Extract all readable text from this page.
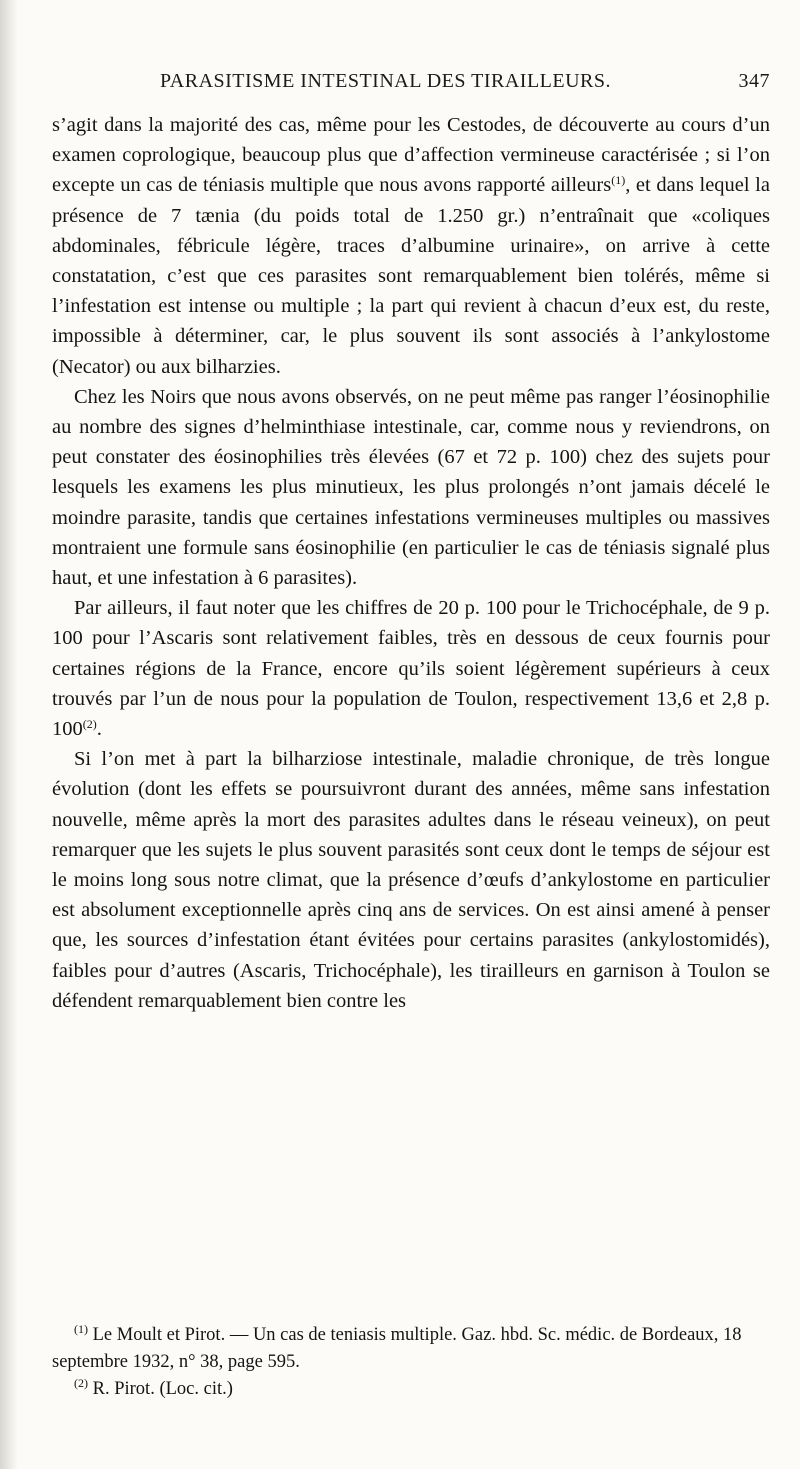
PARASITISME INTESTINAL DES TIRAILLEURS.	347

s’agit dans la majorité des cas, même pour les Cestodes, de découverte au cours d’un examen coprologique, beaucoup plus que d’affection vermineuse caractérisée ; si l’on excepte un cas de téniasis multiple que nous avons rapporté ailleurs$^{(1)}$, et dans lequel la présence de 7 tænia (du poids total de 1.250 gr.) n’entraînait que «coliques abdominales, fébricule légère, traces d’albumine urinaire», on arrive à cette constatation, c’est que ces parasites sont remarquablement bien tolérés, même si l’infestation est intense ou multiple ; la part qui revient à chacun d’eux est, du reste, impossible à déterminer, car, le plus souvent ils sont associés à l’ankylostome (Necator) ou aux bilharzies.

Chez les Noirs que nous avons observés, on ne peut même pas ranger l’éosinophilie au nombre des signes d’helminthiase intestinale, car, comme nous y reviendrons, on peut constater des éosinophilies très élevées (67 et 72 p. 100) chez des sujets pour lesquels les examens les plus minutieux, les plus prolongés n’ont jamais décelé le moindre parasite, tandis que certaines infestations vermineuses multiples ou massives montraient une formule sans éosinophilie (en particulier le cas de téniasis signalé plus haut, et une infestation à 6 parasites).

Par ailleurs, il faut noter que les chiffres de 20 p. 100 pour le Trichocéphale, de 9 p. 100 pour l’Ascaris sont relativement faibles, très en dessous de ceux fournis pour certaines régions de la France, encore qu’ils soient légèrement supérieurs à ceux trouvés par l’un de nous pour la population de Toulon, respectivement 13,6 et 2,8 p. 100$^{(2)}$.

Si l’on met à part la bilharziose intestinale, maladie chronique, de très longue évolution (dont les effets se poursuivront durant des années, même sans infestation nouvelle, même après la mort des parasites adultes dans le réseau veineux), on peut remarquer que les sujets le plus souvent parasités sont ceux dont le temps de séjour est le moins long sous notre climat, que la présence d’œufs d’ankylostome en particulier est absolument exceptionnelle après cinq ans de services. On est ainsi amené à penser que, les sources d’infestation étant évitées pour certains parasites (ankylostomidés), faibles pour d’autres (Ascaris, Trichocéphale), les tirailleurs en garnison à Toulon se défendent remarquablement bien contre les

$^{(1)}$ Le Moult et Pirot. — Un cas de teniasis multiple. Gaz. hbd. Sc. médic. de Bordeaux, 18 septembre 1932, n° 38, page 595.

$^{(2)}$ R. Pirot. (Loc. cit.)
